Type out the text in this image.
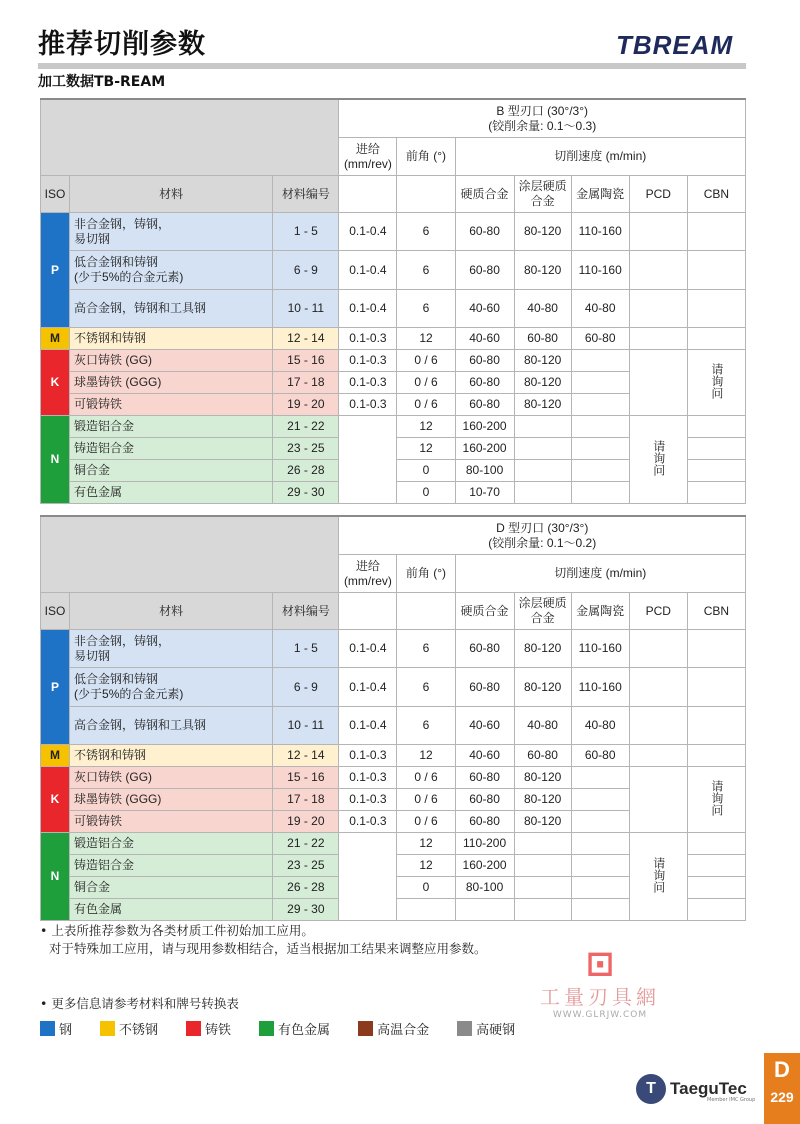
推荐切削参数	TBREAM
加工数据TB-REAM
			B 型刃口 (30°/3°)
(铰削余量: 0.1～0.3)						
			进给(mm/rev)	前角 (°)	切削速度 (m/min)				
ISO	材料	材料编号			硬质合金	涂层硬质合金	金属陶瓷	PCD	CBN
P	非合金钢，铸钢，
易切钢	1 - 5	0.1-0.4	6	60-80	80-120	110-160		
	低合金钢和铸钢
(少于5%的合金元素)	6 - 9	0.1-0.4	6	60-80	80-120	110-160		
	高合金钢，铸钢和工具钢	10 - 11	0.1-0.4	6	40-60	40-80	40-80		
M	不锈钢和铸钢	12 - 14	0.1-0.3	12	40-60	60-80	60-80		
K	灰口铸铁 (GG)	15 - 16	0.1-0.3	0 / 6	60-80	80-120			请询问
	球墨铸铁 (GGG)	17 - 18	0.1-0.3	0 / 6	60-80	80-120			
	可锻铸铁	19 - 20	0.1-0.3	0 / 6	60-80	80-120			
N	锻造铝合金	21 - 22		12	160-200			请询问	
	铸造铝合金	23 - 25		12	160-200				
	铜合金	26 - 28		0	80-100				
	有色金属	29 - 30		0	10-70				
			D 型刃口 (30°/3°)
(铰削余量: 0.1～0.2)						
			进给(mm/rev)	前角 (°)	切削速度 (m/min)				
ISO	材料	材料编号			硬质合金	涂层硬质合金	金属陶瓷	PCD	CBN
P	非合金钢，铸钢，
易切钢	1 - 5	0.1-0.4	6	60-80	80-120	110-160		
	低合金钢和铸钢
(少于5%的合金元素)	6 - 9	0.1-0.4	6	60-80	80-120	110-160		
	高合金钢，铸钢和工具钢	10 - 11	0.1-0.4	6	40-60	40-80	40-80		
M	不锈钢和铸钢	12 - 14	0.1-0.3	12	40-60	60-80	60-80		
K	灰口铸铁 (GG)	15 - 16	0.1-0.3	0 / 6	60-80	80-120			请询问
	球墨铸铁 (GGG)	17 - 18	0.1-0.3	0 / 6	60-80	80-120			
	可锻铸铁	19 - 20	0.1-0.3	0 / 6	60-80	80-120			
N	锻造铝合金	21 - 22		12	110-200			请询问	
	铸造铝合金	23 - 25		12	160-200				
	铜合金	26 - 28		0	80-100				
	有色金属	29 - 30							
• 上表所推荐参数为各类材质工件初始加工应用。
对于特殊加工应用，请与现用参数相结合，适当根据加工结果来调整应用参数。
• 更多信息请参考材料和牌号转换表
钢	不锈钢	铸铁	有色金属	高温合金	高硬钢
⊡
工量刃具網
WWW.GLRJW.COM
T TaeguTec
Member IMC Group
D
229
